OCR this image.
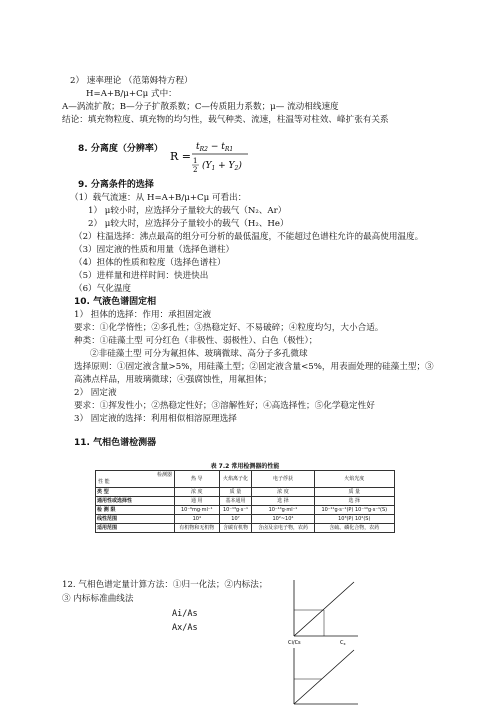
2） 速率理论 （范第姆特方程）
H=A+B/μ+Cμ 式中：
A—涡流扩散；B—分子扩散系数；C—传质阻力系数；μ— 流动相线速度
结论：填充物粒度、填充物的均匀性，载气种类、流速，柱温等对柱效、峰扩张有关系
8. 分离度（分辨率）
R =
$t_{R2} - t_{R1}$
1
2 $(Y_1 + Y_2)$
9. 分离条件的选择
（1）载气流速：从 H=A+B/μ+Cμ 可看出：
1） μ较小时，应选择分子量较大的载气（N₂、Ar）
2） μ较大时，应选择分子量较小的载气（H₂、He）
（2）柱温选择：沸点最高的组分可分析的最低温度，不能超过色谱柱允许的最高使用温度。
（3）固定液的性质和用量（选择色谱柱）
（4）担体的性质和粒度（选择色谱柱）
（5）进样量和进样时间：快进快出
（6）气化温度
10. 气液色谱固定相
1） 担体的选择：作用：承担固定液
要求：①化学惰性；②多孔性；③热稳定好、不易破碎；④粒度均匀，大小合适。
种类：①硅藻土型 可分红色（非极性、弱极性）、白色（极性）；
②非硅藻土型 可分为氟担体、玻璃微球、高分子多孔微球
选择原则：①固定液含量>5%，用硅藻土型；②固定液含量<5%，用表面处理的硅藻土型；③
高沸点样品，用玻璃微球；④强腐蚀性，用氟担体；
2） 固定液
要求：①挥发性小；②热稳定性好；③溶解性好；④高选择性；⑤化学稳定性好
3） 固定液的选择：利用相似相溶原理选择
11. 气相色谱检测器
表 7.2 常用检测器的性能
检测器
性 能	热 导	火焰离子化	电子俘获	火焰光度
类 型	浓 度	质 量	浓 度	质 量
通用性或选择性	通 用	基本通用	选 择	选 择
检 测 限	10⁻⁶mg·ml⁻¹	10⁻¹³g·s⁻¹	10⁻¹⁴g·ml⁻¹	10⁻¹¹g·s⁻¹(P) 10⁻¹⁰g·s⁻¹(S)
线性范围	10⁴	10⁷	10²~10⁴	10³(P) 10²(S)
适用范围	有机物和无机物	含碳有机物	含卤及亲电子物，农药	含硫、磷化合物，农药
12. 气相色谱定量计算方法：①归一化法；②内标法；
③ 内标标准曲线法
Ai/As
Ax/As
Ci/Cs	$C_x$
